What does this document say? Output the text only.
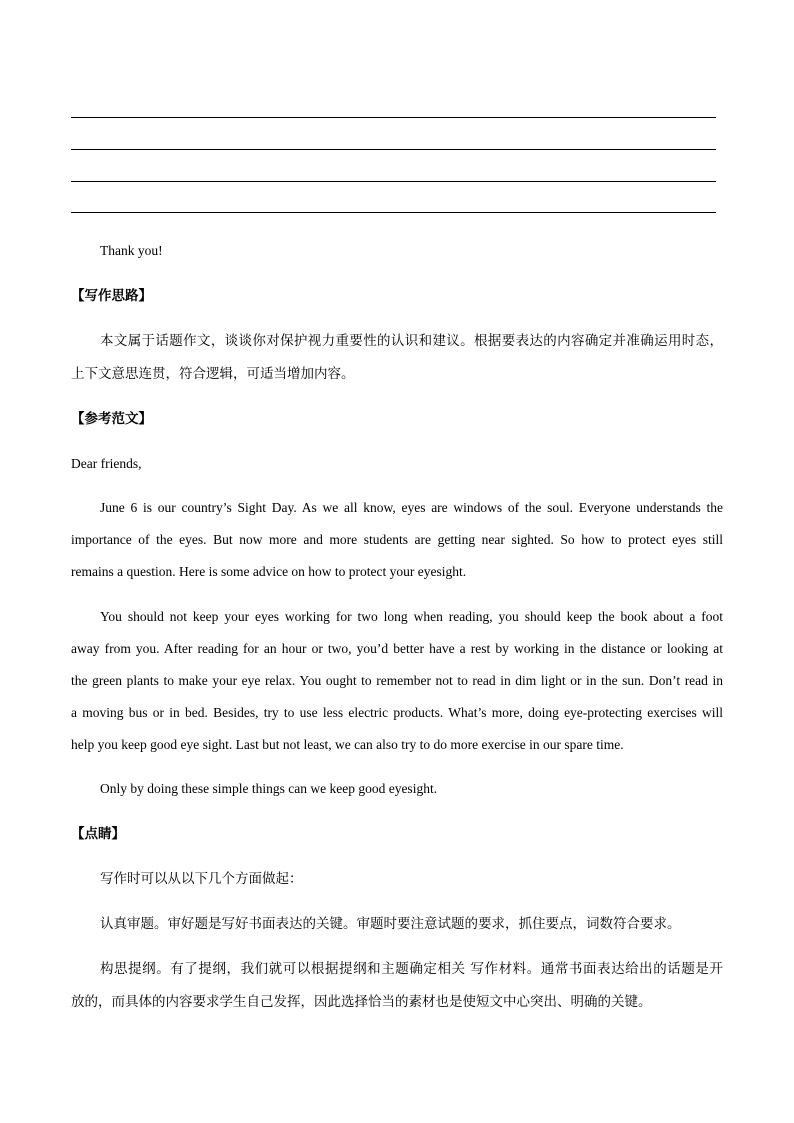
Thank you!
【写作思路】
本文属于话题作文，谈谈你对保护视力重要性的认识和建议。根据要表达的内容确定并准确运用时态，
上下文意思连贯，符合逻辑，可适当增加内容。
【参考范文】
Dear friends,
June 6 is our country’s Sight Day. As we all know, eyes are windows of the soul. Everyone understands the
importance of the eyes. But now more and more students are getting near sighted. So how to protect eyes still
remains a question. Here is some advice on how to protect your eyesight.
You should not keep your eyes working for two long when reading, you should keep the book about a foot
away from you. After reading for an hour or two, you’d better have a rest by working in the distance or looking at
the green plants to make your eye relax. You ought to remember not to read in dim light or in the sun. Don’t read in
a moving bus or in bed. Besides, try to use less electric products. What’s more, doing eye-protecting exercises will
help you keep good eye sight. Last but not least, we can also try to do more exercise in our spare time.
Only by doing these simple things can we keep good eyesight.
【点睛】
写作时可以从以下几个方面做起：
认真审题。审好题是写好书面表达的关键。审题时要注意试题的要求，抓住要点，词数符合要求。
构思提纲。有了提纲，我们就可以根据提纲和主题确定相关 写作材料。通常书面表达给出的话题是开
放的，而具体的内容要求学生自己发挥，因此选择恰当的素材也是使短文中心突出、明确的关键。
